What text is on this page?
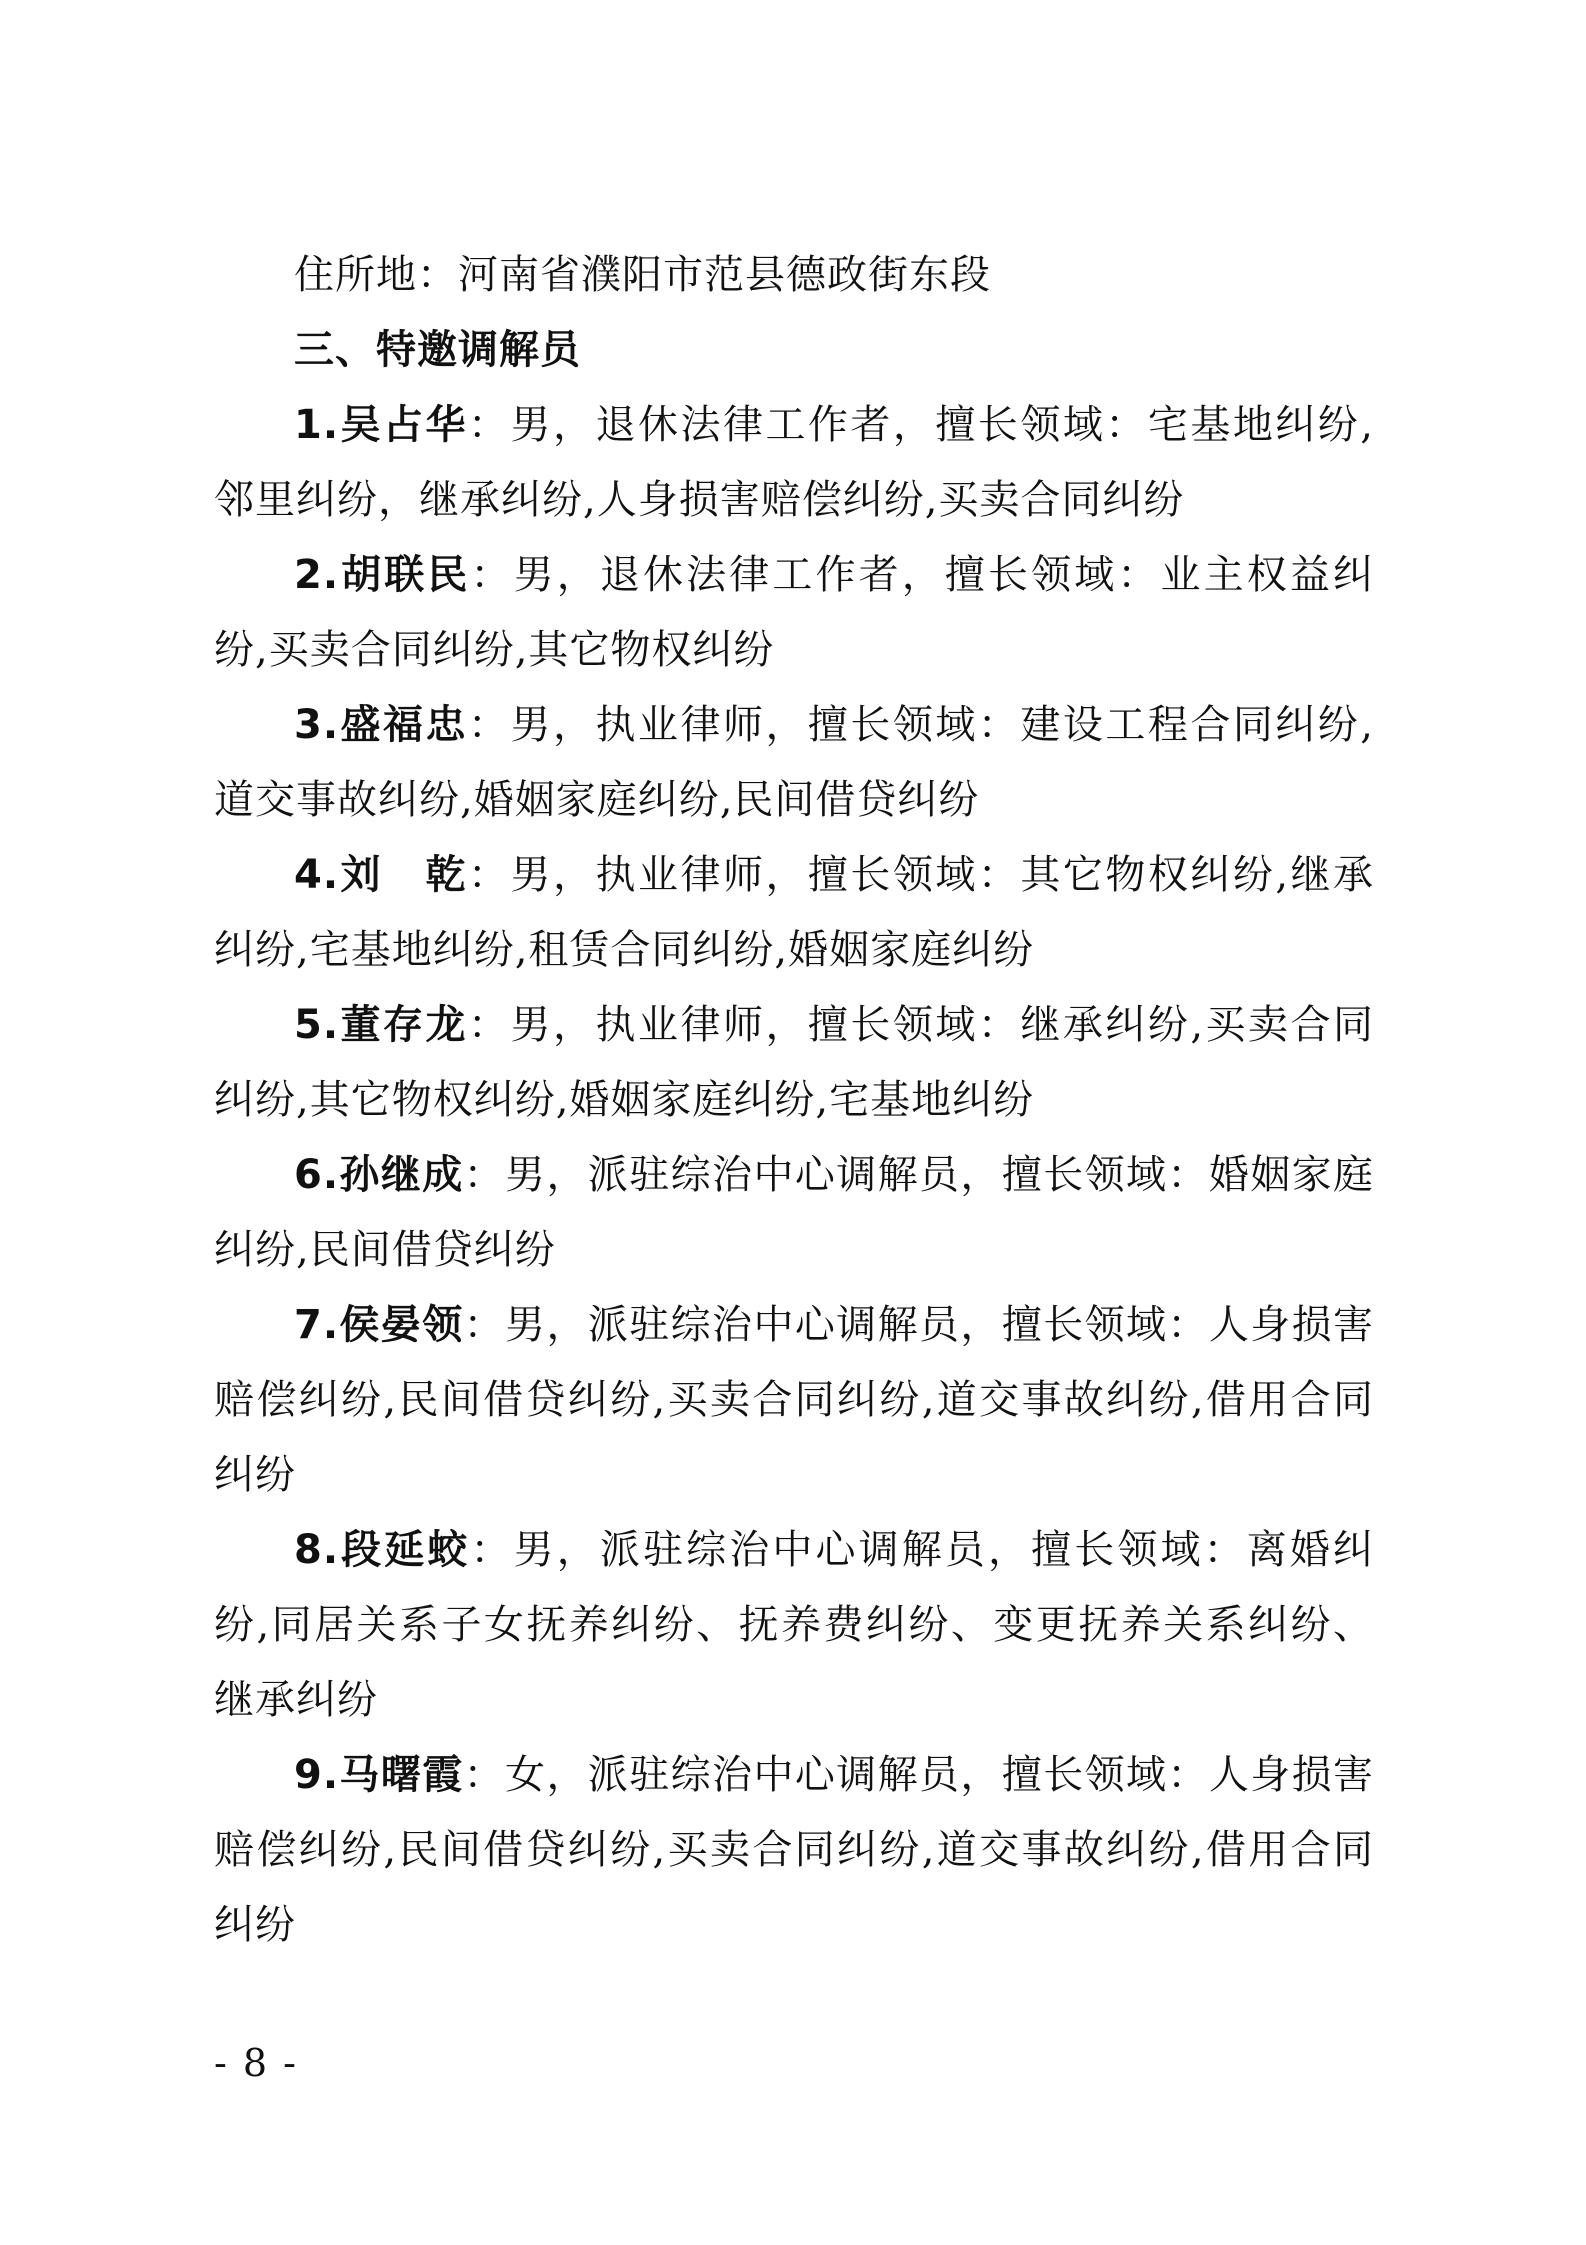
住所地：河南省濮阳市范县德政街东段

三、特邀调解员

1.吴占华：男，退休法律工作者，擅长领域：宅基地纠纷,邻里纠纷，继承纠纷,人身损害赔偿纠纷,买卖合同纠纷

2.胡联民：男，退休法律工作者，擅长领域：业主权益纠纷,买卖合同纠纷,其它物权纠纷

3.盛福忠：男，执业律师，擅长领域：建设工程合同纠纷,道交事故纠纷,婚姻家庭纠纷,民间借贷纠纷

4.刘　乾：男，执业律师，擅长领域：其它物权纠纷,继承纠纷,宅基地纠纷,租赁合同纠纷,婚姻家庭纠纷

5.董存龙：男，执业律师，擅长领域：继承纠纷,买卖合同纠纷,其它物权纠纷,婚姻家庭纠纷,宅基地纠纷

6.孙继成：男，派驻综治中心调解员，擅长领域：婚姻家庭纠纷,民间借贷纠纷

7.侯晏领：男，派驻综治中心调解员，擅长领域：人身损害赔偿纠纷,民间借贷纠纷,买卖合同纠纷,道交事故纠纷,借用合同纠纷

8.段延蛟：男，派驻综治中心调解员，擅长领域：离婚纠纷,同居关系子女抚养纠纷、抚养费纠纷、变更抚养关系纠纷、继承纠纷

9.马曙霞：女，派驻综治中心调解员，擅长领域：人身损害赔偿纠纷,民间借贷纠纷,买卖合同纠纷,道交事故纠纷,借用合同纠纷

- 8 -
